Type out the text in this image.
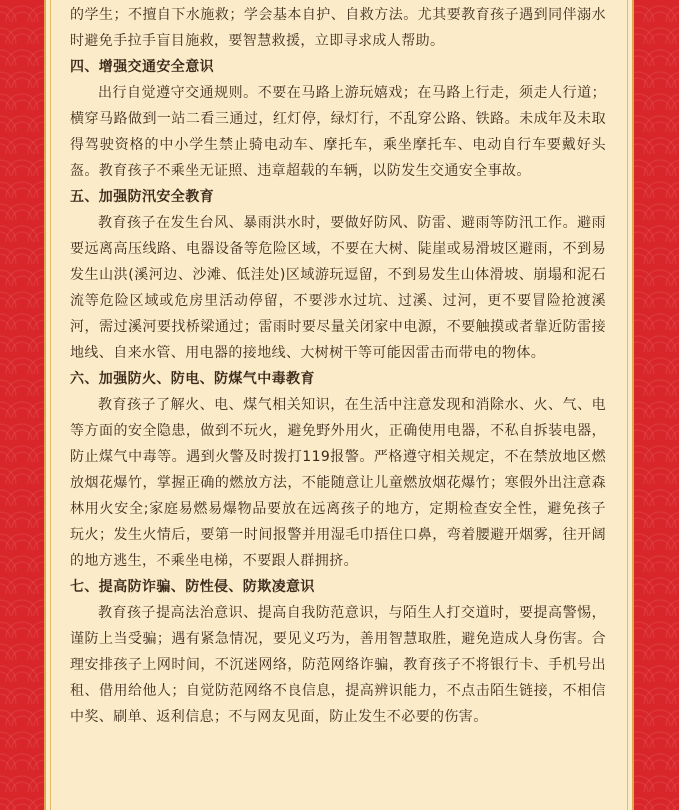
的学生；不擅自下水施救；学会基本自护、自救方法。尤其要教育孩子遇到同伴溺水时避免手拉手盲目施救，要智慧救援，立即寻求成人帮助。

四、增强交通安全意识

出行自觉遵守交通规则。不要在马路上游玩嬉戏；在马路上行走，须走人行道；横穿马路做到一站二看三通过，红灯停，绿灯行，不乱穿公路、铁路。未成年及未取得驾驶资格的中小学生禁止骑电动车、摩托车，乘坐摩托车、电动自行车要戴好头盔。教育孩子不乘坐无证照、违章超载的车辆，以防发生交通安全事故。

五、加强防汛安全教育

教育孩子在发生台风、暴雨洪水时，要做好防风、防雷、避雨等防汛工作。避雨要远离高压线路、电器设备等危险区域，不要在大树、陡崖或易滑坡区避雨，不到易发生山洪(溪河边、沙滩、低洼处)区域游玩逗留，不到易发生山体滑坡、崩塌和泥石流等危险区域或危房里活动停留，不要涉水过坑、过溪、过河，更不要冒险抢渡溪河，需过溪河要找桥梁通过；雷雨时要尽量关闭家中电源，不要触摸或者靠近防雷接地线、自来水管、用电器的接地线、大树树干等可能因雷击而带电的物体。

六、加强防火、防电、防煤气中毒教育

教育孩子了解火、电、煤气相关知识，在生活中注意发现和消除水、火、气、电等方面的安全隐患，做到不玩火，避免野外用火，正确使用电器，不私自拆装电器，防止煤气中毒等。遇到火警及时拨打119报警。严格遵守相关规定，不在禁放地区燃放烟花爆竹，掌握正确的燃放方法，不能随意让儿童燃放烟花爆竹；寒假外出注意森林用火安全;家庭易燃易爆物品要放在远离孩子的地方，定期检查安全性，避免孩子玩火；发生火情后，要第一时间报警并用湿毛巾捂住口鼻，弯着腰避开烟雾，往开阔的地方逃生，不乘坐电梯，不要跟人群拥挤。

七、提高防诈骗、防性侵、防欺凌意识

教育孩子提高法治意识、提高自我防范意识，与陌生人打交道时，要提高警惕，谨防上当受骗；遇有紧急情况，要见义巧为，善用智慧取胜，避免造成人身伤害。合理安排孩子上网时间，不沉迷网络，防范网络诈骗，教育孩子不将银行卡、手机号出租、借用给他人；自觉防范网络不良信息，提高辨识能力，不点击陌生链接，不相信中奖、刷单、返利信息；不与网友见面，防止发生不必要的伤害。
